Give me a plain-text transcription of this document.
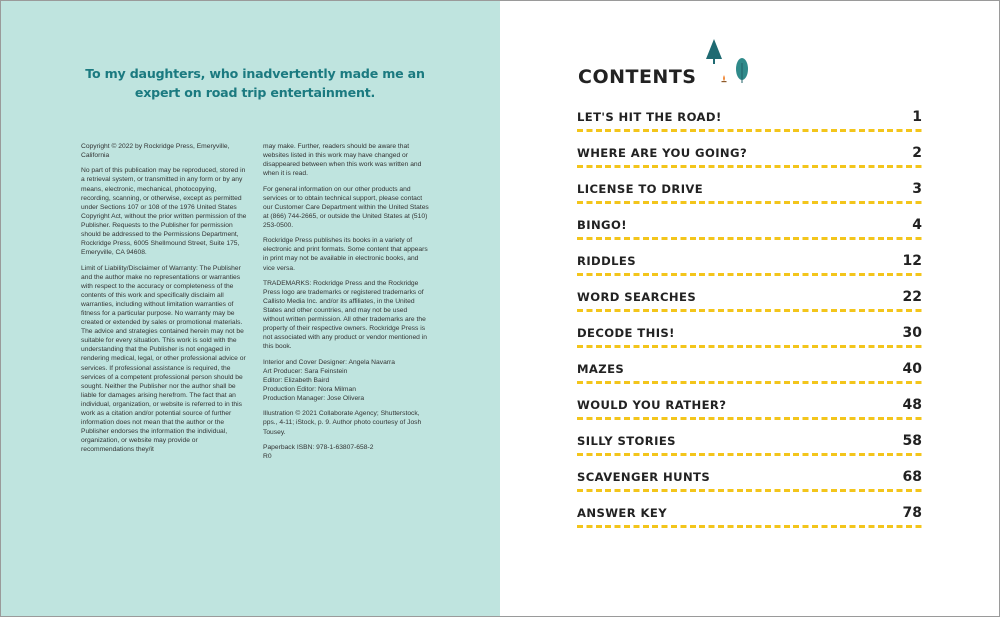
To my daughters, who inadvertently made me an expert on road trip entertainment.

Copyright © 2022 by Rockridge Press, Emeryville, California

No part of this publication may be reproduced, stored in a retrieval system, or transmitted in any form or by any means, electronic, mechanical, photocopying, recording, scanning, or otherwise, except as permitted under Sections 107 or 108 of the 1976 United States Copyright Act, without the prior written permission of the Publisher. Requests to the Publisher for permission should be addressed to the Permissions Department, Rockridge Press, 6005 Shellmound Street, Suite 175, Emeryville, CA 94608.

Limit of Liability/Disclaimer of Warranty: The Publisher and the author make no representations or warranties with respect to the accuracy or completeness of the contents of this work and specifically disclaim all warranties, including without limitation warranties of fitness for a particular purpose. No warranty may be created or extended by sales or promotional materials. The advice and strategies contained herein may not be suitable for every situation. This work is sold with the understanding that the Publisher is not engaged in rendering medical, legal, or other professional advice or services. If professional assistance is required, the services of a competent professional person should be sought. Neither the Publisher nor the author shall be liable for damages arising herefrom. The fact that an individual, organization, or website is referred to in this work as a citation and/or potential source of further information does not mean that the author or the Publisher endorses the information the individual, organization, or website may provide or recommendations they/it

may make. Further, readers should be aware that websites listed in this work may have changed or disappeared between when this work was written and when it is read.

For general information on our other products and services or to obtain technical support, please contact our Customer Care Department within the United States at (866) 744-2665, or outside the United States at (510) 253-0500.

Rockridge Press publishes its books in a variety of electronic and print formats. Some content that appears in print may not be available in electronic books, and vice versa.

TRADEMARKS: Rockridge Press and the Rockridge Press logo are trademarks or registered trademarks of Callisto Media Inc. and/or its affiliates, in the United States and other countries, and may not be used without written permission. All other trademarks are the property of their respective owners. Rockridge Press is not associated with any product or vendor mentioned in this book.

Interior and Cover Designer: Angela Navarra
Art Producer: Sara Feinstein
Editor: Elizabeth Baird
Production Editor: Nora Milman
Production Manager: Jose Olivera

Illustration © 2021 Collaborate Agency; Shutterstock, pps., 4-11; iStock, p. 9. Author photo courtesy of Josh Tousey.

Paperback ISBN: 978-1-63807-658-2
R0

CONTENTS
LET'S HIT THE ROAD!	1
WHERE ARE YOU GOING?	2
LICENSE TO DRIVE	3
BINGO!	4
RIDDLES	12
WORD SEARCHES	22
DECODE THIS!	30
MAZES	40
WOULD YOU RATHER?	48
SILLY STORIES	58
SCAVENGER HUNTS	68
ANSWER KEY	78
